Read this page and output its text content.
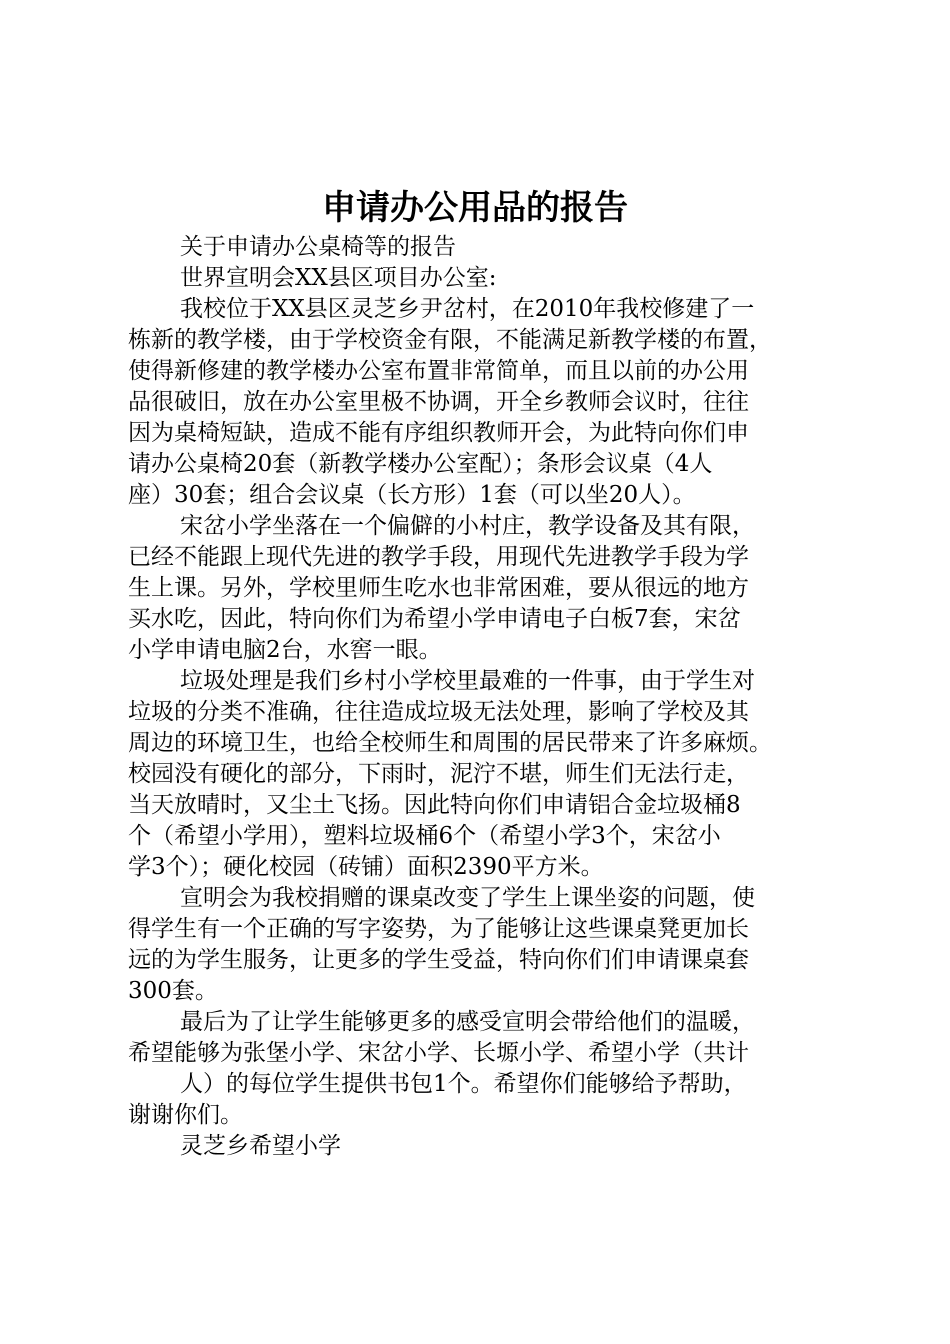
申请办公用品的报告

关于申请办公桌椅等的报告

世界宣明会XX县区项目办公室:

我校位于XX县区灵芝乡尹岔村，在2010年我校修建了一

栋新的教学楼，由于学校资金有限，不能满足新教学楼的布置，

使得新修建的教学楼办公室布置非常简单，而且以前的办公用

品很破旧，放在办公室里极不协调，开全乡教师会议时，往往

因为桌椅短缺，造成不能有序组织教师开会，为此特向你们申

请办公桌椅20套（新教学楼办公室配）；条形会议桌（4人

座）30套；组合会议桌（长方形）1套（可以坐20人）。

宋岔小学坐落在一个偏僻的小村庄，教学设备及其有限，

已经不能跟上现代先进的教学手段，用现代先进教学手段为学

生上课。另外，学校里师生吃水也非常困难，要从很远的地方

买水吃，因此，特向你们为希望小学申请电子白板7套，宋岔

小学申请电脑2台，水窖一眼。

垃圾处理是我们乡村小学校里最难的一件事，由于学生对

垃圾的分类不准确，往往造成垃圾无法处理，影响了学校及其

周边的环境卫生，也给全校师生和周围的居民带来了许多麻烦。

校园没有硬化的部分，下雨时，泥泞不堪，师生们无法行走，

当天放晴时，又尘土飞扬。因此特向你们申请铝合金垃圾桶8

个（希望小学用），塑料垃圾桶6个（希望小学3个，宋岔小

学3个）；硬化校园（砖铺）面积2390平方米。

宣明会为我校捐赠的课桌改变了学生上课坐姿的问题，使

得学生有一个正确的写字姿势，为了能够让这些课桌凳更加长

远的为学生服务，让更多的学生受益，特向你们们申请课桌套

300套。

最后为了让学生能够更多的感受宣明会带给他们的温暖，

希望能够为张堡小学、宋岔小学、长塬小学、希望小学（共计

人）的每位学生提供书包1个。希望你们能够给予帮助，

谢谢你们。

灵芝乡希望小学
